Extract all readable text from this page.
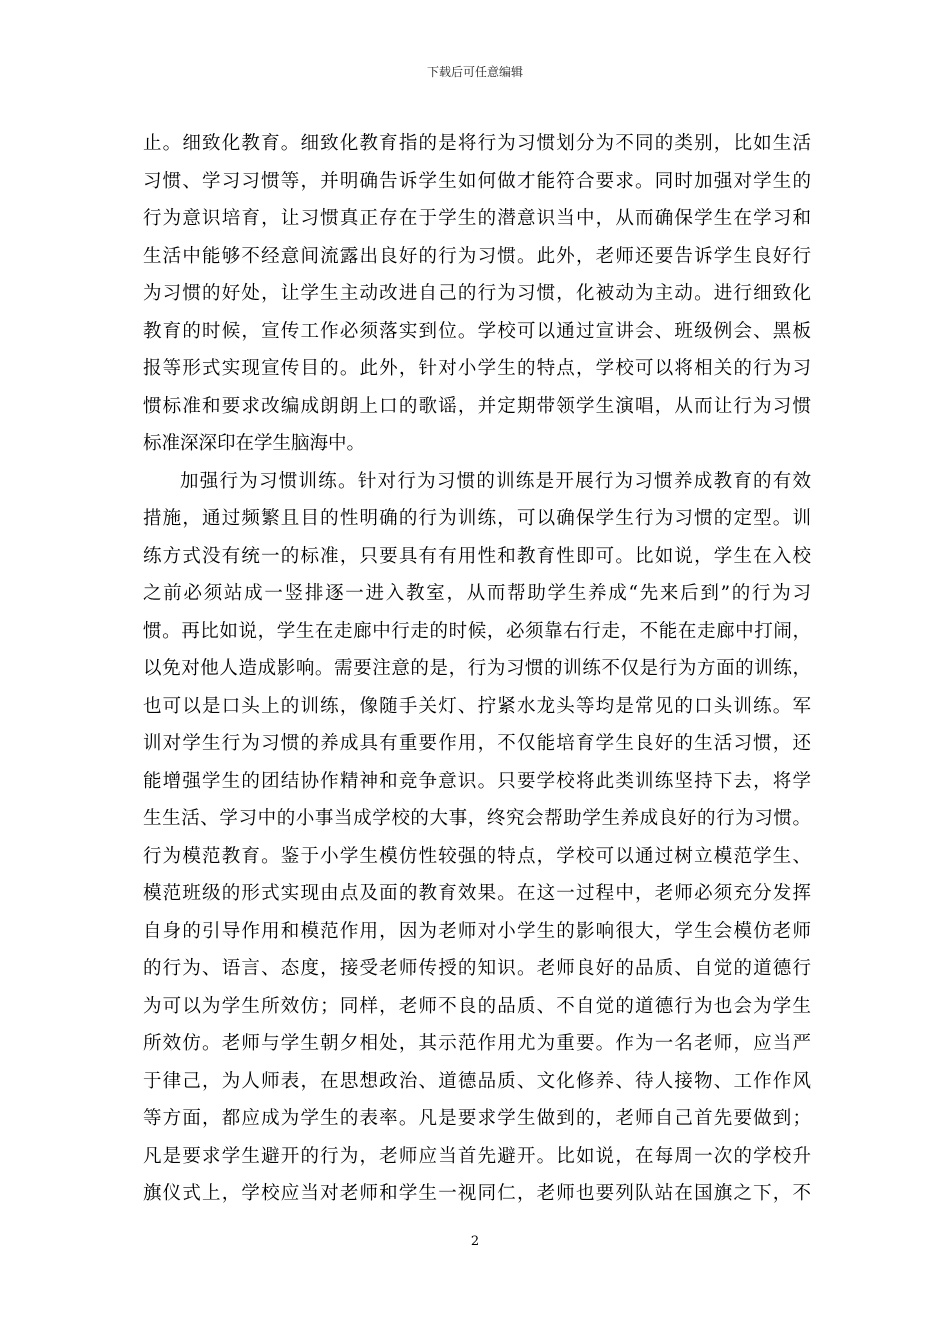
下载后可任意编辑
止。细致化教育。细致化教育指的是将行为习惯划分为不同的类别，比如生活
习惯、学习习惯等，并明确告诉学生如何做才能符合要求。同时加强对学生的
行为意识培育，让习惯真正存在于学生的潜意识当中，从而确保学生在学习和
生活中能够不经意间流露出良好的行为习惯。此外，老师还要告诉学生良好行
为习惯的好处，让学生主动改进自己的行为习惯，化被动为主动。进行细致化
教育的时候，宣传工作必须落实到位。学校可以通过宣讲会、班级例会、黑板
报等形式实现宣传目的。此外，针对小学生的特点，学校可以将相关的行为习
惯标准和要求改编成朗朗上口的歌谣，并定期带领学生演唱，从而让行为习惯
标准深深印在学生脑海中。
加强行为习惯训练。针对行为习惯的训练是开展行为习惯养成教育的有效
措施，通过频繁且目的性明确的行为训练，可以确保学生行为习惯的定型。训
练方式没有统一的标准，只要具有有用性和教育性即可。比如说，学生在入校
之前必须站成一竖排逐一进入教室，从而帮助学生养成“先来后到”的行为习
惯。再比如说，学生在走廊中行走的时候，必须靠右行走，不能在走廊中打闹，
以免对他人造成影响。需要注意的是，行为习惯的训练不仅是行为方面的训练，
也可以是口头上的训练，像随手关灯、拧紧水龙头等均是常见的口头训练。军
训对学生行为习惯的养成具有重要作用，不仅能培育学生良好的生活习惯，还
能增强学生的团结协作精神和竞争意识。只要学校将此类训练坚持下去，将学
生生活、学习中的小事当成学校的大事，终究会帮助学生养成良好的行为习惯。
行为模范教育。鉴于小学生模仿性较强的特点，学校可以通过树立模范学生、
模范班级的形式实现由点及面的教育效果。在这一过程中，老师必须充分发挥
自身的引导作用和模范作用，因为老师对小学生的影响很大，学生会模仿老师
的行为、语言、态度，接受老师传授的知识。老师良好的品质、自觉的道德行
为可以为学生所效仿；同样，老师不良的品质、不自觉的道德行为也会为学生
所效仿。老师与学生朝夕相处，其示范作用尤为重要。作为一名老师，应当严
于律己，为人师表，在思想政治、道德品质、文化修养、待人接物、工作作风
等方面，都应成为学生的表率。凡是要求学生做到的，老师自己首先要做到；
凡是要求学生避开的行为，老师应当首先避开。比如说，在每周一次的学校升
旗仪式上，学校应当对老师和学生一视同仁，老师也要列队站在国旗之下，不
2
